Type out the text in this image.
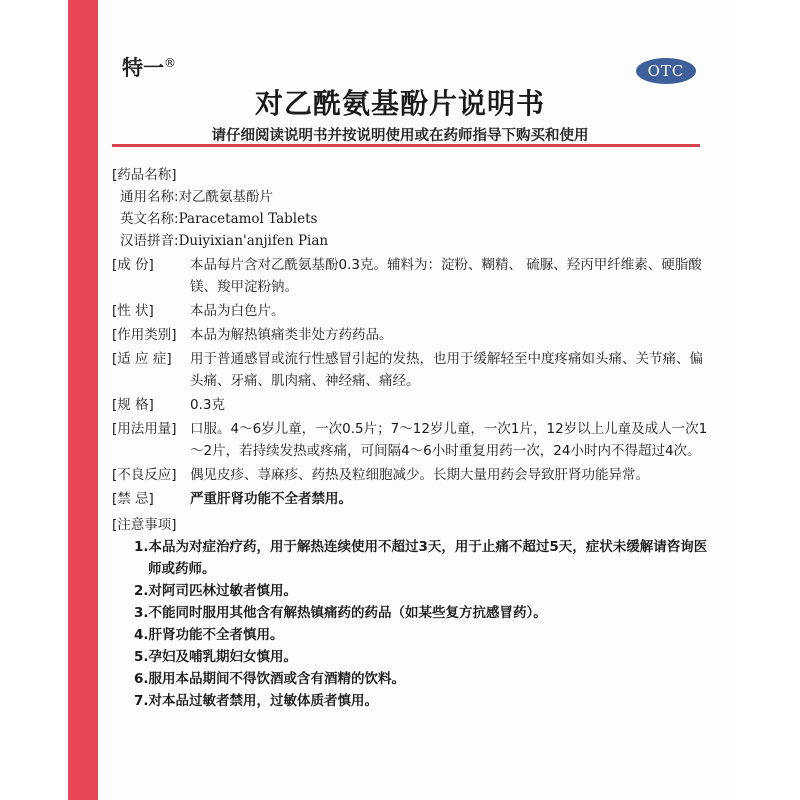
特一®	OTC
对乙酰氨基酚片说明书
请仔细阅读说明书并按说明使用或在药师指导下购买和使用
[药品名称]
通用名称:对乙酰氨基酚片
英文名称:Paracetamol Tablets
汉语拼音:Duiyixian'anjifen Pian
[成 份]	本品每片含对乙酰氨基酚0.3克。辅料为：淀粉、糊精、 硫脲、羟丙甲纤维素、硬脂酸镁、羧甲淀粉钠。
[性 状]	本品为白色片。
[作用类别] 本品为解热镇痛类非处方药药品。
[适 应 症]	用于普通感冒或流行性感冒引起的发热，也用于缓解轻至中度疼痛如头痛、关节痛、偏头痛、牙痛、肌肉痛、神经痛、痛经。
[规 格]	0.3克
[用法用量] 口服。4～6岁儿童，一次0.5片；7～12岁儿童，一次1片，12岁以上儿童及成人一次1～2片，若持续发热或疼痛，可间隔4～6小时重复用药一次，24小时内不得超过4次。
[不良反应] 偶见皮疹、荨麻疹、药热及粒细胞减少。长期大量用药会导致肝肾功能异常。
[禁 忌]	严重肝肾功能不全者禁用。
[注意事项]
1.本品为对症治疗药，用于解热连续使用不超过3天，用于止痛不超过5天，症状未缓解请咨询医师或药师。
2.对阿司匹林过敏者慎用。
3.不能同时服用其他含有解热镇痛药的药品（如某些复方抗感冒药）。
4.肝肾功能不全者慎用。
5.孕妇及哺乳期妇女慎用。
6.服用本品期间不得饮酒或含有酒精的饮料。
7.对本品过敏者禁用，过敏体质者慎用。
